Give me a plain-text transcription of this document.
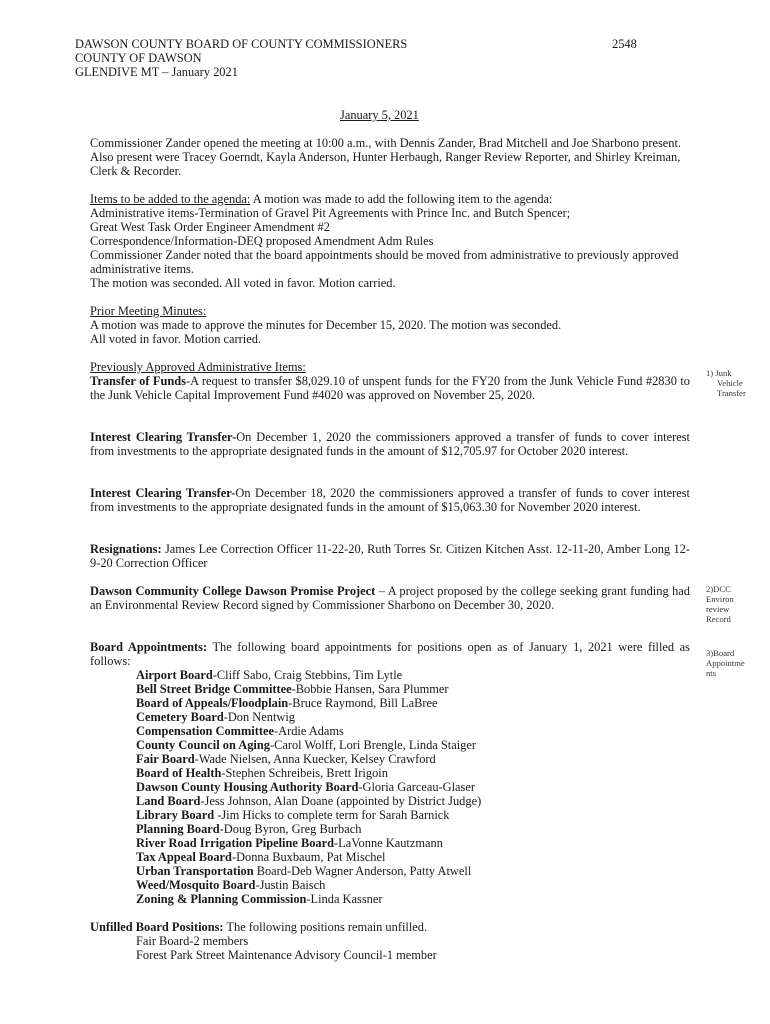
DAWSON COUNTY BOARD OF COUNTY COMMISSIONERS
COUNTY OF DAWSON
GLENDIVE MT – January 2021
2548
January 5, 2021
Commissioner Zander opened the meeting at 10:00 a.m., with Dennis Zander, Brad Mitchell and Joe Sharbono present. Also present were Tracey Goerndt, Kayla Anderson, Hunter Herbaugh, Ranger Review Reporter, and Shirley Kreiman, Clerk & Recorder.
Items to be added to the agenda: A motion was made to add the following item to the agenda:
Administrative items-Termination of Gravel Pit Agreements with Prince Inc. and Butch Spencer;
Great West Task Order Engineer Amendment #2
Correspondence/Information-DEQ proposed Amendment Adm Rules
Commissioner Zander noted that the board appointments should be moved from administrative to previously approved administrative items.
The motion was seconded. All voted in favor. Motion carried.
Prior Meeting Minutes:
A motion was made to approve the minutes for December 15, 2020. The motion was seconded.
All voted in favor. Motion carried.
Previously Approved Administrative Items:
Transfer of Funds-A request to transfer $8,029.10 of unspent funds for the FY20 from the Junk Vehicle Fund #2830 to the Junk Vehicle Capital Improvement Fund #4020 was approved on November 25, 2020.
Interest Clearing Transfer-On December 1, 2020 the commissioners approved a transfer of funds to cover interest from investments to the appropriate designated funds in the amount of $12,705.97 for October 2020 interest.
Interest Clearing Transfer-On December 18, 2020 the commissioners approved a transfer of funds to cover interest from investments to the appropriate designated funds in the amount of $15,063.30 for November 2020 interest.
Resignations: James Lee Correction Officer 11-22-20, Ruth Torres Sr. Citizen Kitchen Asst. 12-11-20, Amber Long 12-9-20 Correction Officer
Dawson Community College Dawson Promise Project – A project proposed by the college seeking grant funding had an Environmental Review Record signed by Commissioner Sharbono on December 30, 2020.
Board Appointments: The following board appointments for positions open as of January 1, 2021 were filled as follows:
Airport Board-Cliff Sabo, Craig Stebbins, Tim Lytle
Bell Street Bridge Committee-Bobbie Hansen, Sara Plummer
Board of Appeals/Floodplain-Bruce Raymond, Bill LaBree
Cemetery Board-Don Nentwig
Compensation Committee-Ardie Adams
County Council on Aging-Carol Wolff, Lori Brengle, Linda Staiger
Fair Board-Wade Nielsen, Anna Kuecker, Kelsey Crawford
Board of Health-Stephen Schreibeis, Brett Irigoin
Dawson County Housing Authority Board-Gloria Garceau-Glaser
Land Board-Jess Johnson, Alan Doane (appointed by District Judge)
Library Board -Jim Hicks to complete term for Sarah Barnick
Planning Board-Doug Byron, Greg Burbach
River Road Irrigation Pipeline Board-LaVonne Kautzmann
Tax Appeal Board-Donna Buxbaum, Pat Mischel
Urban Transportation Board-Deb Wagner Anderson, Patty Atwell
Weed/Mosquito Board-Justin Baisch
Zoning & Planning Commission-Linda Kassner
Unfilled Board Positions: The following positions remain unfilled.
Fair Board-2 members
Forest Park Street Maintenance Advisory Council-1 member
1) Junk
Vehicle
Transfer
2)DCC
Environ
review
Record
3)Board
Appointme
nts
